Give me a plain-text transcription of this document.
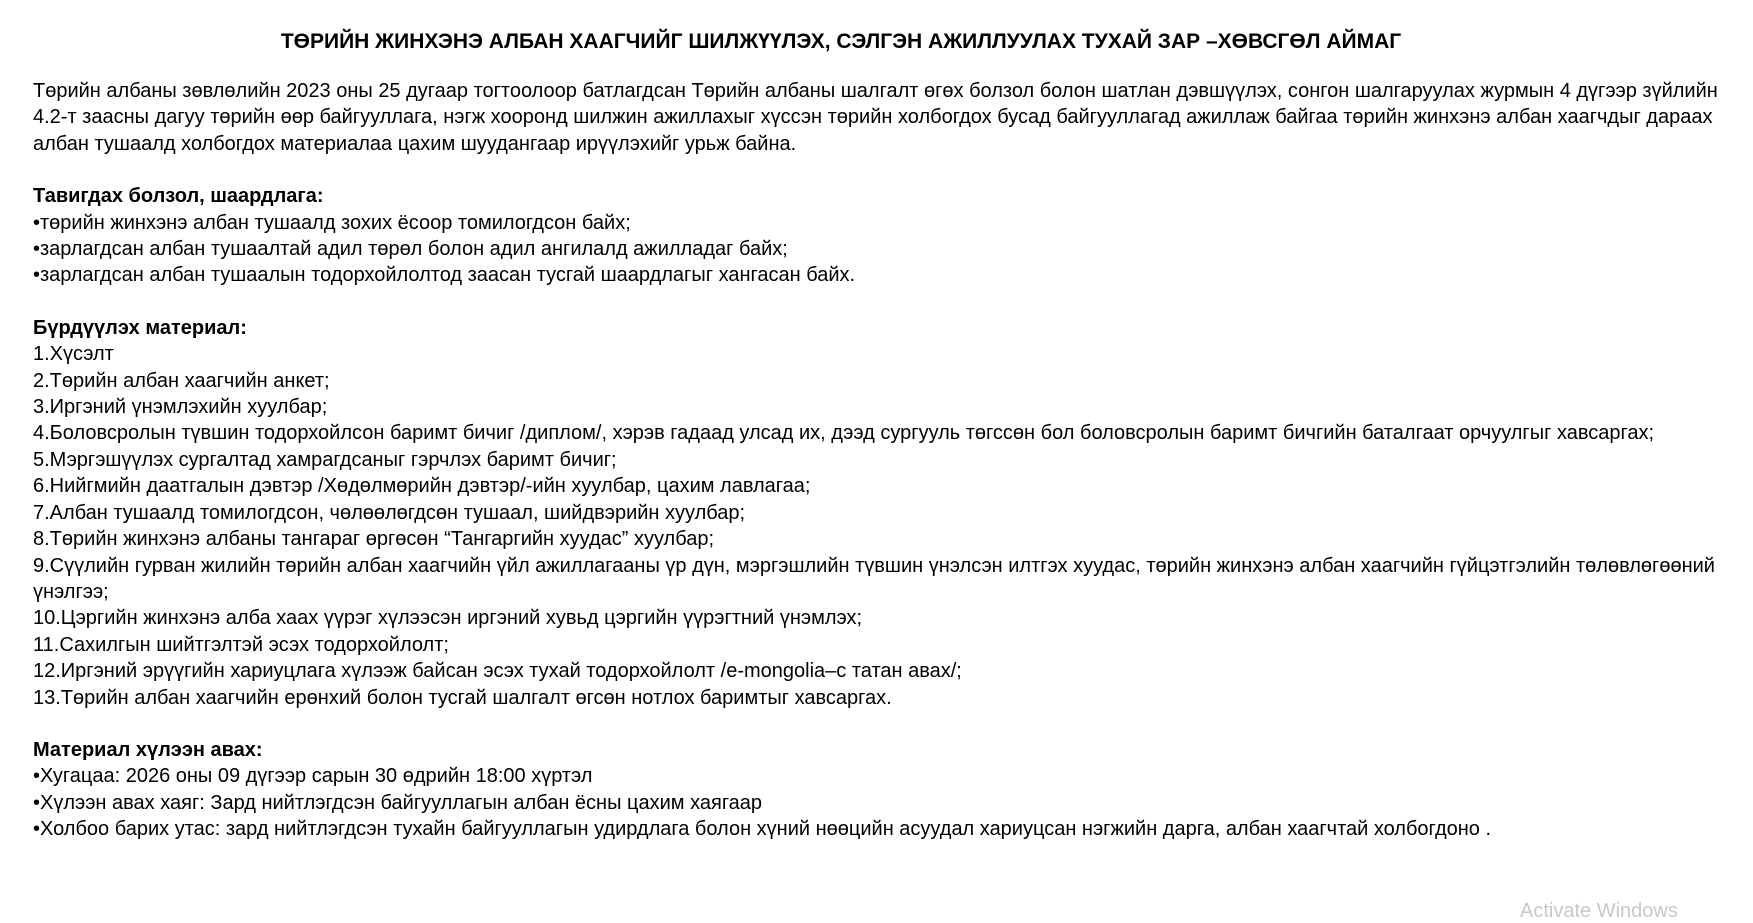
ТӨРИЙН ЖИНХЭНЭ АЛБАН ХААГЧИЙГ ШИЛЖҮҮЛЭХ, СЭЛГЭН АЖИЛЛУУЛАХ ТУХАЙ ЗАР –ХӨВСГӨЛ АЙМАГ

Төрийн албаны зөвлөлийн 2023 оны 25 дугаар тогтоолоор батлагдсан Төрийн албаны шалгалт өгөх болзол болон шатлан дэвшүүлэх, сонгон шалгаруулах журмын 4 дүгээр зүйлийн 4.2-т заасны дагуу төрийн өөр байгууллага, нэгж хооронд шилжин ажиллахыг хүссэн төрийн холбогдох бусад байгууллагад ажиллаж байгаа төрийн жинхэнэ албан хаагчдыг дараах албан тушаалд холбогдох материалаа цахим шуудангаар ирүүлэхийг урьж байна.

Тавигдах болзол, шаардлага:

•төрийн жинхэнэ албан тушаалд зохих ёсоор томилогдсон байх;

•зарлагдсан албан тушаалтай адил төрөл болон адил ангилалд ажилладаг байх;

•зарлагдсан албан тушаалын тодорхойлолтод заасан тусгай шаардлагыг хангасан байх.

Бүрдүүлэх материал:

1.Хүсэлт

2.Төрийн албан хаагчийн анкет;

3.Иргэний үнэмлэхийн хуулбар;

4.Боловсролын түвшин тодорхойлсон баримт бичиг /диплом/, хэрэв гадаад улсад их, дээд сургууль төгссөн бол боловсролын баримт бичгийн баталгаат орчуулгыг хавсаргах;

5.Мэргэшүүлэх сургалтад хамрагдсаныг гэрчлэх баримт бичиг;

6.Нийгмийн даатгалын дэвтэр /Хөдөлмөрийн дэвтэр/-ийн хуулбар, цахим лавлагаа;

7.Албан тушаалд томилогдсон, чөлөөлөгдсөн тушаал, шийдвэрийн хуулбар;

8.Төрийн жинхэнэ албаны тангараг өргөсөн “Тангаргийн хуудас” хуулбар;

9.Сүүлийн гурван жилийн төрийн албан хаагчийн үйл ажиллагааны үр дүн, мэргэшлийн түвшин үнэлсэн илтгэх хуудас, төрийн жинхэнэ албан хаагчийн гүйцэтгэлийн төлөвлөгөөний үнэлгээ;

10.Цэргийн жинхэнэ алба хаах үүрэг хүлээсэн иргэний хувьд цэргийн үүрэгтний үнэмлэх;

11.Сахилгын шийтгэлтэй эсэх тодорхойлолт;

12.Иргэний эрүүгийн хариуцлага хүлээж байсан эсэх тухай тодорхойлолт /e-mongolia–с татан авах/;

13.Төрийн албан хаагчийн ерөнхий болон тусгай шалгалт өгсөн нотлох баримтыг хавсаргах.

Материал хүлээн авах:

•Хугацаа: 2026 оны 09 дүгээр сарын 30 өдрийн 18:00 хүртэл

•Хүлээн авах хаяг: Зард нийтлэгдсэн байгууллагын албан ёсны цахим хаягаар

•Холбоо барих утас: зард нийтлэгдсэн тухайн байгууллагын удирдлага болон хүний нөөцийн асуудал хариуцсан нэгжийн дарга, албан хаагчтай холбогдоно .

Activate Windows
